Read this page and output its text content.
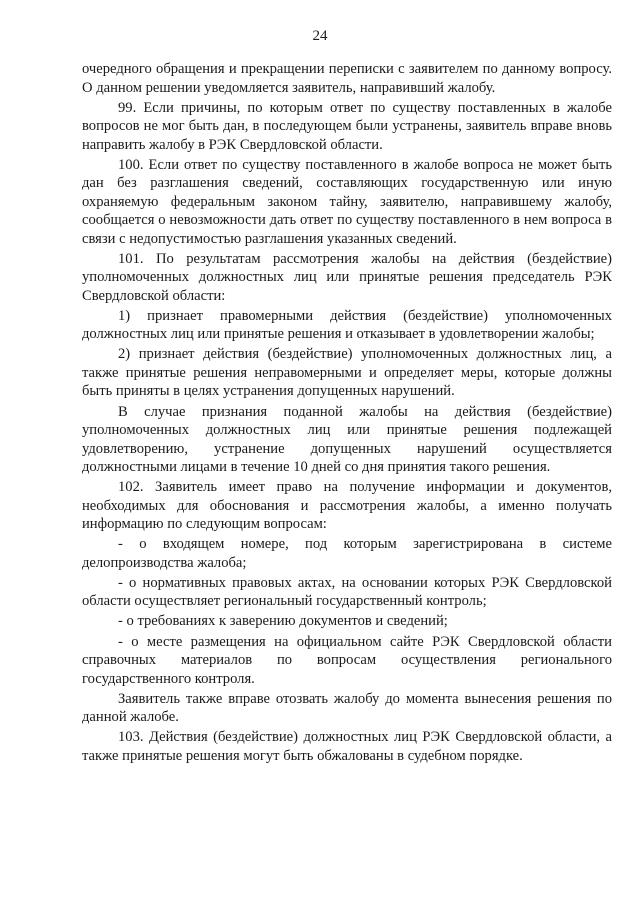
24

очередного обращения и прекращении переписки с заявителем по данному вопросу. О данном решении уведомляется заявитель, направивший жалобу.

99. Если причины, по которым ответ по существу поставленных в жалобе вопросов не мог быть дан, в последующем были устранены, заявитель вправе вновь направить жалобу в РЭК Свердловской области.

100. Если ответ по существу поставленного в жалобе вопроса не может быть дан без разглашения сведений, составляющих государственную или иную охраняемую федеральным законом тайну, заявителю, направившему жалобу, сообщается о невозможности дать ответ по существу поставленного в нем вопроса в связи с недопустимостью разглашения указанных сведений.

101. По результатам рассмотрения жалобы на действия (бездействие) уполномоченных должностных лиц или принятые решения председатель РЭК Свердловской области:

1) признает правомерными действия (бездействие) уполномоченных должностных лиц или принятые решения и отказывает в удовлетворении жалобы;

2) признает действия (бездействие) уполномоченных должностных лиц, а также принятые решения неправомерными и определяет меры, которые должны быть приняты в целях устранения допущенных нарушений.

В случае признания поданной жалобы на действия (бездействие) уполномоченных должностных лиц или принятые решения подлежащей удовлетворению, устранение допущенных нарушений осуществляется должностными лицами в течение 10 дней со дня принятия такого решения.

102. Заявитель имеет право на получение информации и документов, необходимых для обоснования и рассмотрения жалобы, а именно получать информацию по следующим вопросам:

- о входящем номере, под которым зарегистрирована в системе делопроизводства жалоба;

- о нормативных правовых актах, на основании которых РЭК Свердловской области осуществляет региональный государственный контроль;

- о требованиях к заверению документов и сведений;

- о месте размещения на официальном сайте РЭК Свердловской области справочных материалов по вопросам осуществления регионального государственного контроля.

Заявитель также вправе отозвать жалобу до момента вынесения решения по данной жалобе.

103. Действия (бездействие) должностных лиц РЭК Свердловской области, а также принятые решения могут быть обжалованы в судебном порядке.
